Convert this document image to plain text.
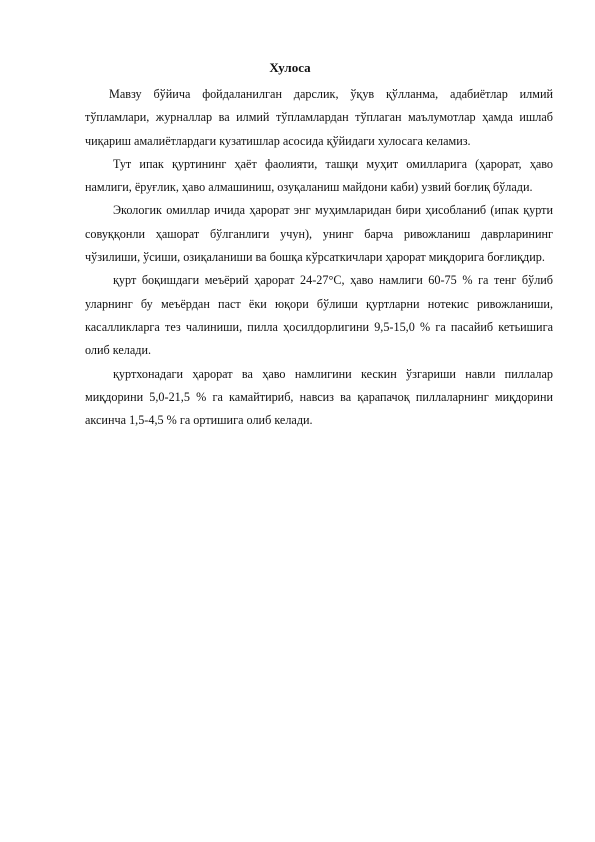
Хулоса

Мавзу бўйича фойдаланилган дарслик, ўқув қўлланма, адабиётлар илмий тўпламлари, журналлар ва илмий тўпламлардан тўплаган маълумотлар ҳамда ишлаб чиқариш амалиётлардаги кузатишлар асосида қўйидаги хулосага келамиз.

Тут ипак қуртининг ҳаёт фаолияти, ташқи муҳит омилларига (ҳарорат, ҳаво намлиги, ёруғлик, ҳаво алмашиниш, озуқаланиш майдони каби) узвий боғлиқ бўлади.

Экологик омиллар ичида ҳарорат энг муҳимларидан бири ҳисобланиб (ипак қурти совуққонли ҳашорат бўлганлиги учун), унинг барча ривожланиш даврларининг чўзилиши, ўсиши, озиқаланиши ва бошқа кўрсаткичлари ҳарорат миқдорига боғлиқдир.

қурт боқишдаги меъёрий ҳарорат 24-27°С, ҳаво намлиги 60-75 % га тенг бўлиб уларнинг бу меъёрдан паст ёки юқори бўлиши қуртларни нотекис ривожланиши, касалликларга тез чалиниши, пилла ҳосилдорлигини 9,5-15,0 % га пасайиб кетьишига олиб келади.

қуртхонадаги ҳарорат ва ҳаво намлигини кескин ўзгариши навли пиллалар миқдорини 5,0-21,5 % га камайтириб, навсиз ва қарапачоқ пиллаларнинг миқдорини аксинча 1,5-4,5 % га ортишига олиб келади.
